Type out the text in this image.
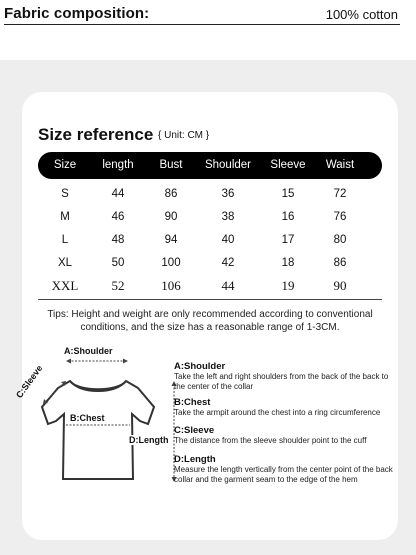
Fabric composition:	100% cotton
Size reference { Unit: CM }
Size	length	Bust	Shoulder	Sleeve	Waist
S	44	86	36	15	72
M	46	90	38	16	76
L	48	94	40	17	80
XL	50	100	42	18	86
XXL	52	106	44	19	90
Tips: Height and weight are only recommended according to conventional conditions, and the size has a reasonable range of 1-3CM.
A:Shoulder
C:Sleeve
B:Chest
D:Length
A:Shoulder
Take the left and right shoulders from the back of the back to the center of the collar
B:Chest
Take the armpit around the chest into a ring circumference
C:Sleeve
The distance from the sleeve shoulder point to the cuff
D:Length
Measure the length vertically from the center point of the back collar and the garment seam to the edge of the hem
